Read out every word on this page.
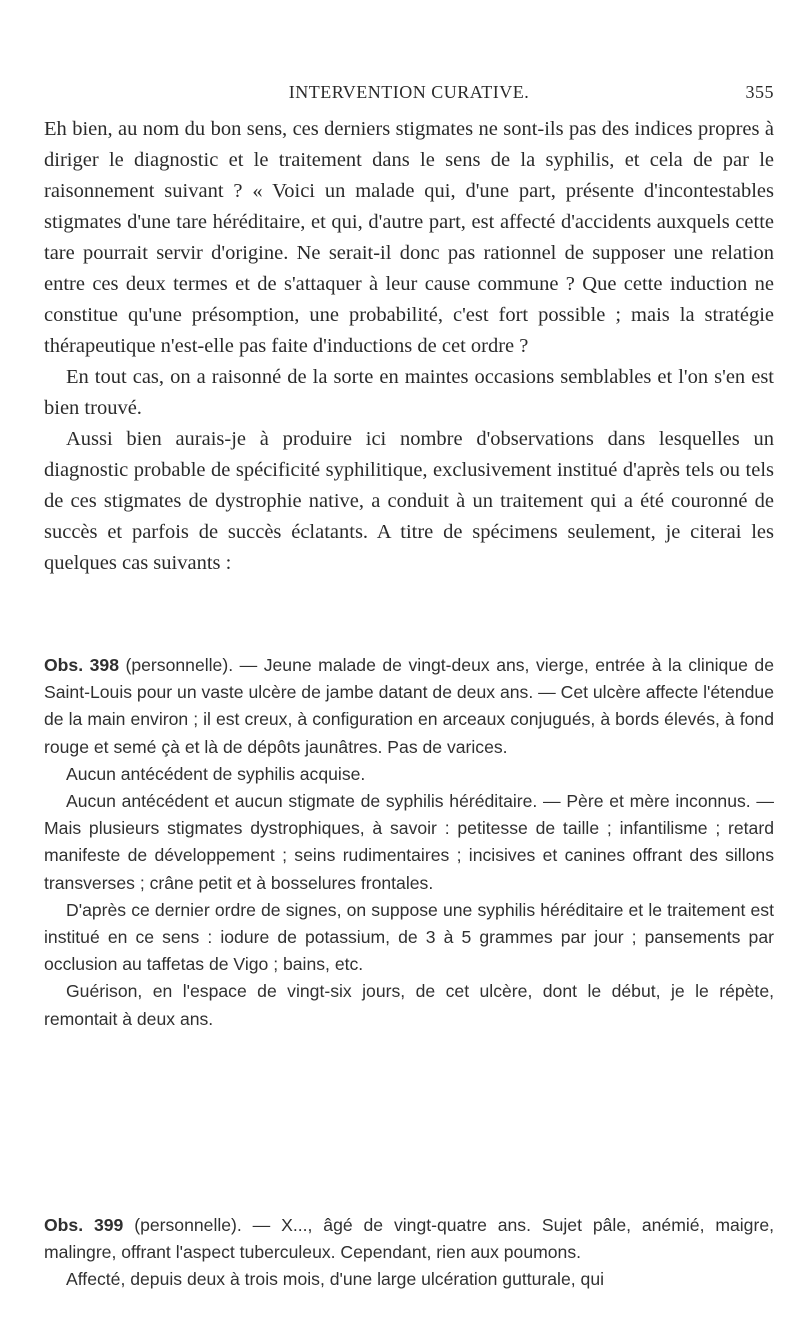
INTERVENTION CURATIVE.	355

Eh bien, au nom du bon sens, ces derniers stigmates ne sont-ils pas des indices propres à diriger le diagnostic et le traitement dans le sens de la syphilis, et cela de par le raisonnement suivant ? « Voici un malade qui, d'une part, présente d'incontestables stigmates d'une tare héréditaire, et qui, d'autre part, est affecté d'accidents auxquels cette tare pourrait servir d'origine. Ne serait-il donc pas rationnel de supposer une relation entre ces deux termes et de s'attaquer à leur cause commune ? Que cette induction ne constitue qu'une présomption, une probabilité, c'est fort possible ; mais la stratégie thérapeutique n'est-elle pas faite d'inductions de cet ordre ?

En tout cas, on a raisonné de la sorte en maintes occasions semblables et l'on s'en est bien trouvé.

Aussi bien aurais-je à produire ici nombre d'observations dans lesquelles un diagnostic probable de spécificité syphilitique, exclusivement institué d'après tels ou tels de ces stigmates de dystrophie native, a conduit à un traitement qui a été couronné de succès et parfois de succès éclatants. A titre de spécimens seulement, je citerai les quelques cas suivants :

Obs. 398 (personnelle). — Jeune malade de vingt-deux ans, vierge, entrée à la clinique de Saint-Louis pour un vaste ulcère de jambe datant de deux ans. — Cet ulcère affecte l'étendue de la main environ ; il est creux, à configuration en arceaux conjugués, à bords élevés, à fond rouge et semé çà et là de dépôts jaunâtres. Pas de varices.

Aucun antécédent de syphilis acquise.

Aucun antécédent et aucun stigmate de syphilis héréditaire. — Père et mère inconnus. — Mais plusieurs stigmates dystrophiques, à savoir : petitesse de taille ; infantilisme ; retard manifeste de développement ; seins rudimentaires ; incisives et canines offrant des sillons transverses ; crâne petit et à bosselures frontales.

D'après ce dernier ordre de signes, on suppose une syphilis héréditaire et le traitement est institué en ce sens : iodure de potassium, de 3 à 5 grammes par jour ; pansements par occlusion au taffetas de Vigo ; bains, etc.

Guérison, en l'espace de vingt-six jours, de cet ulcère, dont le début, je le répète, remontait à deux ans.

Obs. 399 (personnelle). — X..., âgé de vingt-quatre ans. Sujet pâle, anémié, maigre, malingre, offrant l'aspect tuberculeux. Cependant, rien aux poumons.

Affecté, depuis deux à trois mois, d'une large ulcération gutturale, qui
